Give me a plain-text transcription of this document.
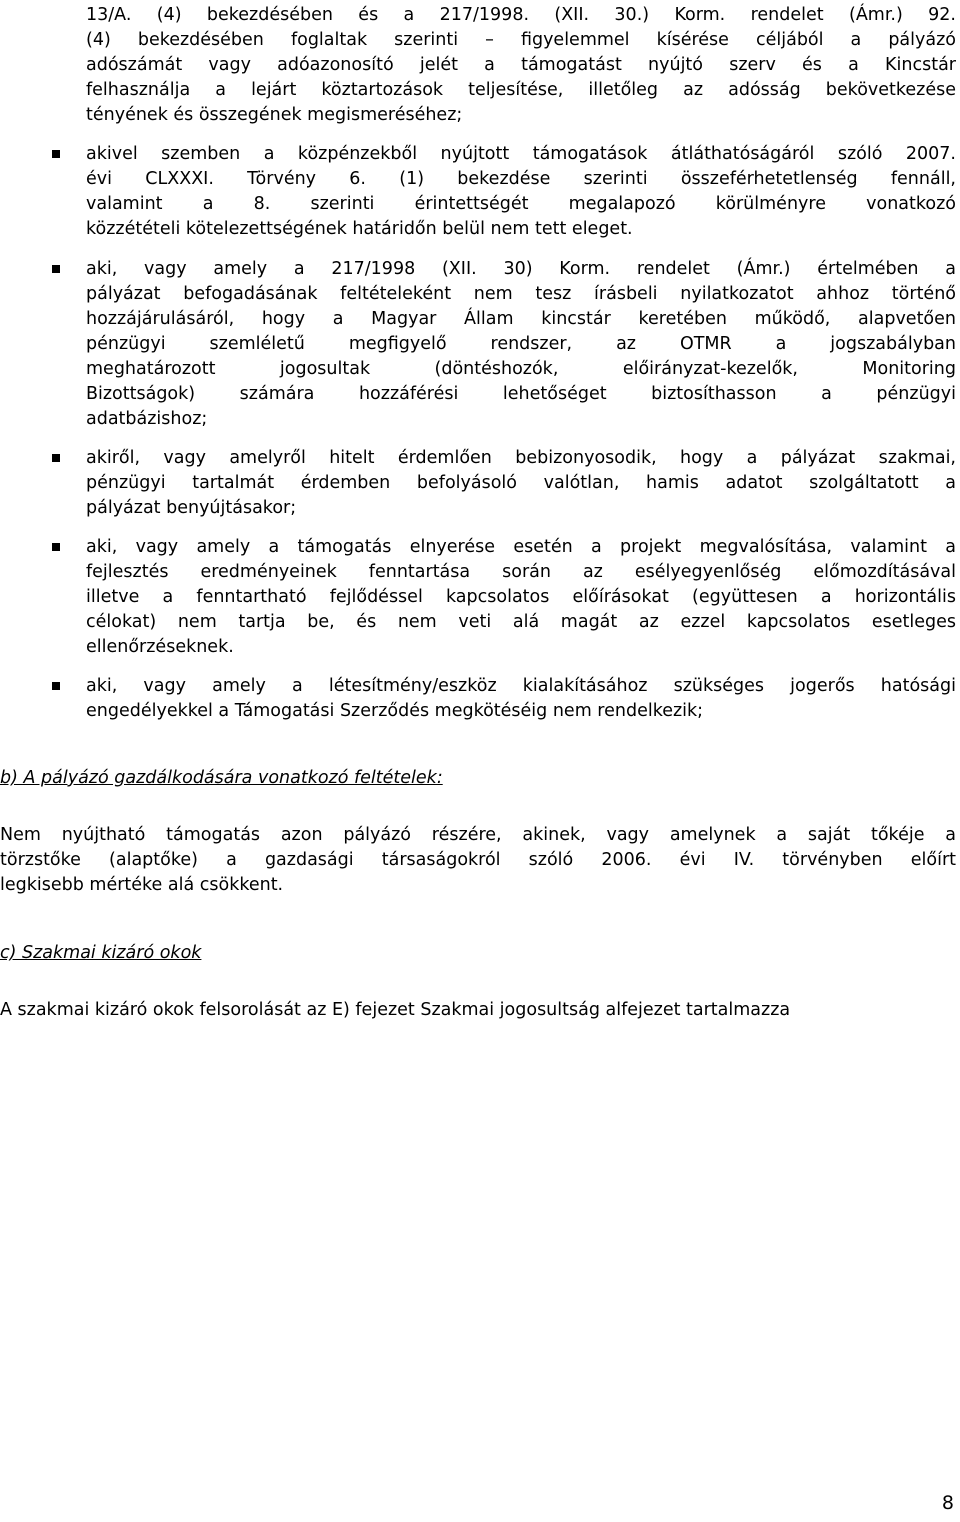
13/A. (4) bekezdésében és a 217/1998. (XII. 30.) Korm. rendelet (Ámr.) 92.
(4) bekezdésében foglaltak szerinti – figyelemmel kísérése céljából a pályázó
adószámát vagy adóazonosító jelét a támogatást nyújtó szerv és a Kincstár
felhasználja a lejárt köztartozások teljesítése, illetőleg az adósság bekövetkezése
tényének és összegének megismeréséhez;
akivel szemben a közpénzekből nyújtott támogatások átláthatóságáról szóló 2007.
évi CLXXXI. Törvény 6. (1) bekezdése szerinti összeférhetetlenség fennáll,
valamint a 8. szerinti érintettségét megalapozó körülményre vonatkozó
közzétételi kötelezettségének határidőn belül nem tett eleget.
aki, vagy amely a 217/1998 (XII. 30) Korm. rendelet (Ámr.) értelmében a
pályázat befogadásának feltételeként nem tesz írásbeli nyilatkozatot ahhoz történő
hozzájárulásáról, hogy a Magyar Állam kincstár keretében működő, alapvetően
pénzügyi szemléletű megfigyelő rendszer, az OTMR a jogszabályban
meghatározott jogosultak (döntéshozók, előirányzat-kezelők, Monitoring
Bizottságok) számára hozzáférési lehetőséget biztosíthasson a pénzügyi
adatbázishoz;
akiről, vagy amelyről hitelt érdemlően bebizonyosodik, hogy a pályázat szakmai,
pénzügyi tartalmát érdemben befolyásoló valótlan, hamis adatot szolgáltatott a
pályázat benyújtásakor;
aki, vagy amely a támogatás elnyerése esetén a projekt megvalósítása, valamint a
fejlesztés eredményeinek fenntartása során az esélyegyenlőség előmozdításával
illetve a fenntartható fejlődéssel kapcsolatos előírásokat (együttesen a horizontális
célokat) nem tartja be, és nem veti alá magát az ezzel kapcsolatos esetleges
ellenőrzéseknek.
aki, vagy amely a létesítmény/eszköz kialakításához szükséges jogerős hatósági
engedélyekkel a Támogatási Szerződés megkötéséig nem rendelkezik;
b) A pályázó gazdálkodására vonatkozó feltételek:
Nem nyújtható támogatás azon pályázó részére, akinek, vagy amelynek a saját tőkéje a
törzstőke (alaptőke) a gazdasági társaságokról szóló 2006. évi IV. törvényben előírt
legkisebb mértéke alá csökkent.
c) Szakmai kizáró okok
A szakmai kizáró okok felsorolását az E) fejezet Szakmai jogosultság alfejezet tartalmazza
8
